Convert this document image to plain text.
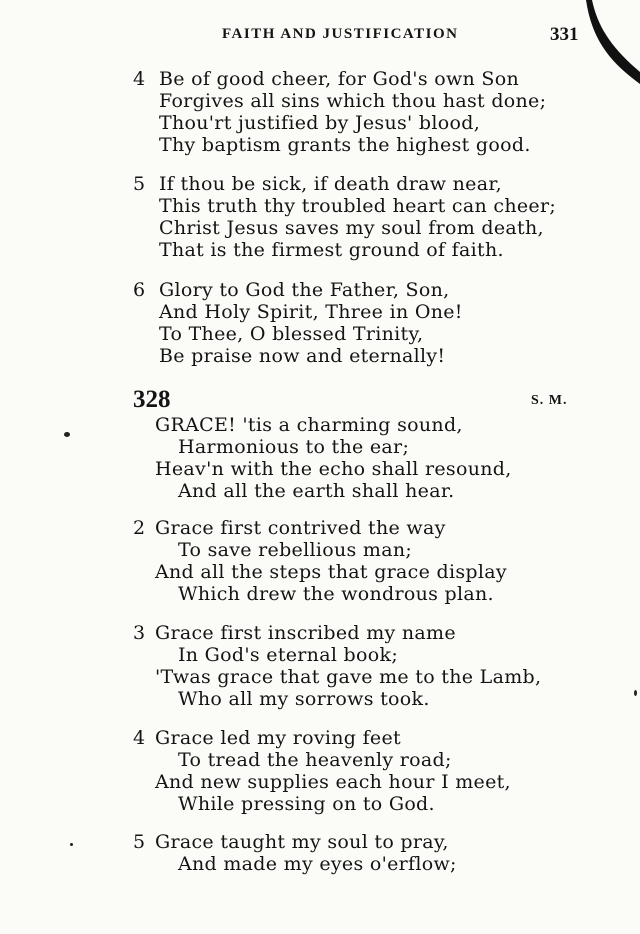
FAITH AND JUSTIFICATION	331
4 Be of good cheer, for God's own Son
Forgives all sins which thou hast done;
Thou'rt justified by Jesus' blood,
Thy baptism grants the highest good.
5 If thou be sick, if death draw near,
This truth thy troubled heart can cheer;
Christ Jesus saves my soul from death,
That is the firmest ground of faith.
6 Glory to God the Father, Son,
And Holy Spirit, Three in One!
To Thee, O blessed Trinity,
Be praise now and eternally!
328	S. M.
GRACE! 'tis a charming sound,
Harmonious to the ear;
Heav'n with the echo shall resound,
And all the earth shall hear.
2 Grace first contrived the way
To save rebellious man;
And all the steps that grace display
Which drew the wondrous plan.
3 Grace first inscribed my name
In God's eternal book;
'Twas grace that gave me to the Lamb,
Who all my sorrows took.
4 Grace led my roving feet
To tread the heavenly road;
And new supplies each hour I meet,
While pressing on to God.
5 Grace taught my soul to pray,
And made my eyes o'erflow;
